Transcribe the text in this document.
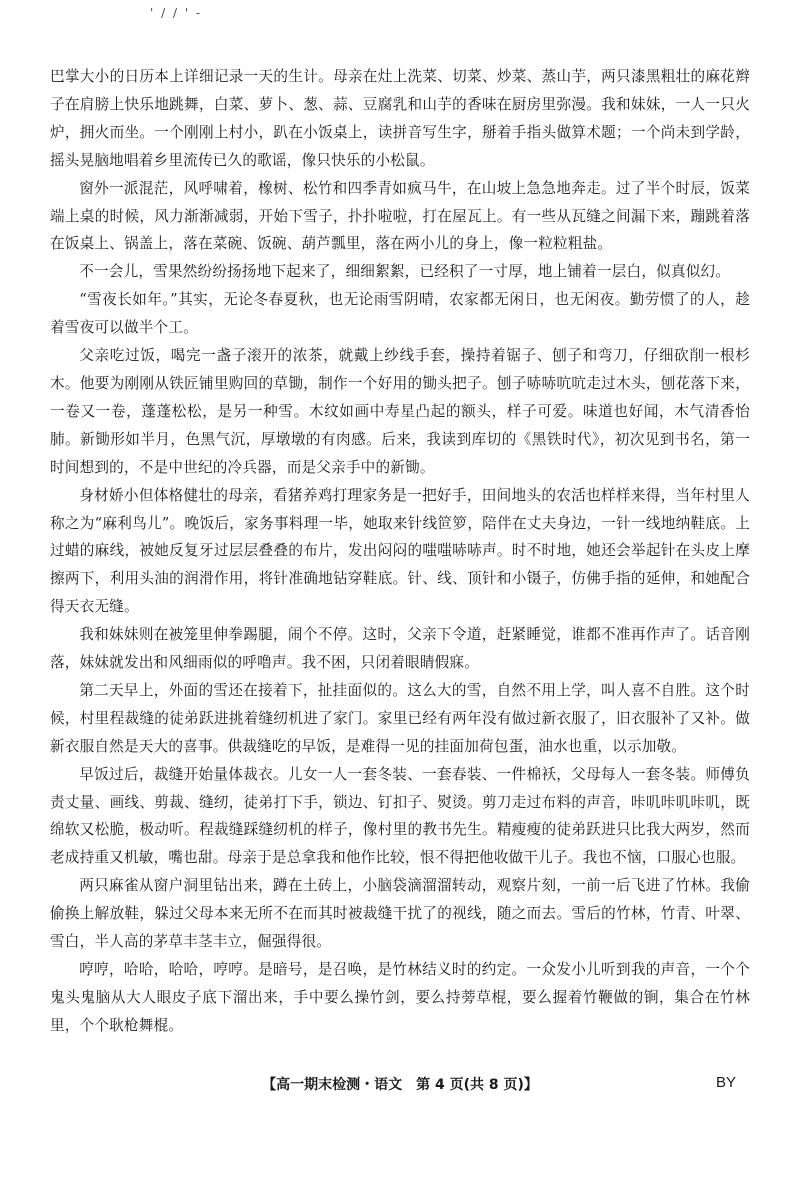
' / / ' -

巴掌大小的日历本上详细记录一天的生计。母亲在灶上洗菜、切菜、炒菜、蒸山芋，两只漆黑粗壮的麻花辫子在肩膀上快乐地跳舞，白菜、萝卜、葱、蒜、豆腐乳和山芋的香味在厨房里弥漫。我和妹妹，一人一只火炉，拥火而坐。一个刚刚上村小，趴在小饭桌上，读拼音写生字，掰着手指头做算术题；一个尚未到学龄，摇头晃脑地唱着乡里流传已久的歌谣，像只快乐的小松鼠。

窗外一派混茫，风呼啸着，橡树、松竹和四季青如疯马牛，在山坡上急急地奔走。过了半个时辰，饭菜端上桌的时候，风力渐渐减弱，开始下雪子，扑扑啦啦，打在屋瓦上。有一些从瓦缝之间漏下来，蹦跳着落在饭桌上、锅盖上，落在菜碗、饭碗、葫芦瓢里，落在两小儿的身上，像一粒粒粗盐。

不一会儿，雪果然纷纷扬扬地下起来了，细细絮絮，已经积了一寸厚，地上铺着一层白，似真似幻。

“雪夜长如年。”其实，无论冬春夏秋，也无论雨雪阴晴，农家都无闲日，也无闲夜。勤劳惯了的人，趁着雪夜可以做半个工。

父亲吃过饭，喝完一盏子滚开的浓茶，就戴上纱线手套，操持着锯子、刨子和弯刀，仔细砍削一根杉木。他要为刚刚从铁匠铺里购回的草锄，制作一个好用的锄头把子。刨子哧哧吭吭走过木头，刨花落下来，一卷又一卷，蓬蓬松松，是另一种雪。木纹如画中寿星凸起的额头，样子可爱。味道也好闻，木气清香怡肺。新锄形如半月，色黑气沉，厚墩墩的有肉感。后来，我读到库切的《黑铁时代》，初次见到书名，第一时间想到的，不是中世纪的冷兵器，而是父亲手中的新锄。

身材娇小但体格健壮的母亲，看猪养鸡打理家务是一把好手，田间地头的农活也样样来得，当年村里人称之为“麻利鸟儿”。晚饭后，家务事料理一毕，她取来针线笸箩，陪伴在丈夫身边，一针一线地纳鞋底。上过蜡的麻线，被她反复牙过层层叠叠的布片，发出闷闷的嗤嗤哧哧声。时不时地，她还会举起针在头皮上摩擦两下，利用头油的润滑作用，将针准确地钻穿鞋底。针、线、顶针和小镊子，仿佛手指的延伸，和她配合得天衣无缝。

我和妹妹则在被笼里伸拳踢腿，闹个不停。这时，父亲下令道，赶紧睡觉，谁都不准再作声了。话音刚落，妹妹就发出和风细雨似的呼噜声。我不困，只闭着眼睛假寐。

第二天早上，外面的雪还在接着下，扯挂面似的。这么大的雪，自然不用上学，叫人喜不自胜。这个时候，村里程裁缝的徒弟跃进挑着缝纫机进了家门。家里已经有两年没有做过新衣服了，旧衣服补了又补。做新衣服自然是天大的喜事。供裁缝吃的早饭，是难得一见的挂面加荷包蛋，油水也重，以示加敬。

早饭过后，裁缝开始量体裁衣。儿女一人一套冬装、一套春装、一件棉袄，父母每人一套冬装。师傅负责丈量、画线、剪裁、缝纫，徒弟打下手，锁边、钉扣子、熨烫。剪刀走过布料的声音，咔叽咔叽咔叽，既绵软又松脆，极动听。程裁缝踩缝纫机的样子，像村里的教书先生。精瘦瘦的徒弟跃进只比我大两岁，然而老成持重又机敏，嘴也甜。母亲于是总拿我和他作比较，恨不得把他收做干儿子。我也不恼，口服心也服。

两只麻雀从窗户洞里钻出来，蹲在土砖上，小脑袋滴溜溜转动，观察片刻，一前一后飞进了竹林。我偷偷换上解放鞋，躲过父母本来无所不在而其时被裁缝干扰了的视线，随之而去。雪后的竹林，竹青、叶翠、雪白，半人高的茅草丰茎丰立，倔强得很。

哼哼，哈哈，哈哈，哼哼。是暗号，是召唤，是竹林结义时的约定。一众发小儿听到我的声音，一个个鬼头鬼脑从大人眼皮子底下溜出来，手中要么操竹剑，要么持蒡草棍，要么握着竹鞭做的锏，集合在竹林里，个个耿枪舞棍。

【高一期末检测・语文　第 4 页(共 8 页)】	BY
